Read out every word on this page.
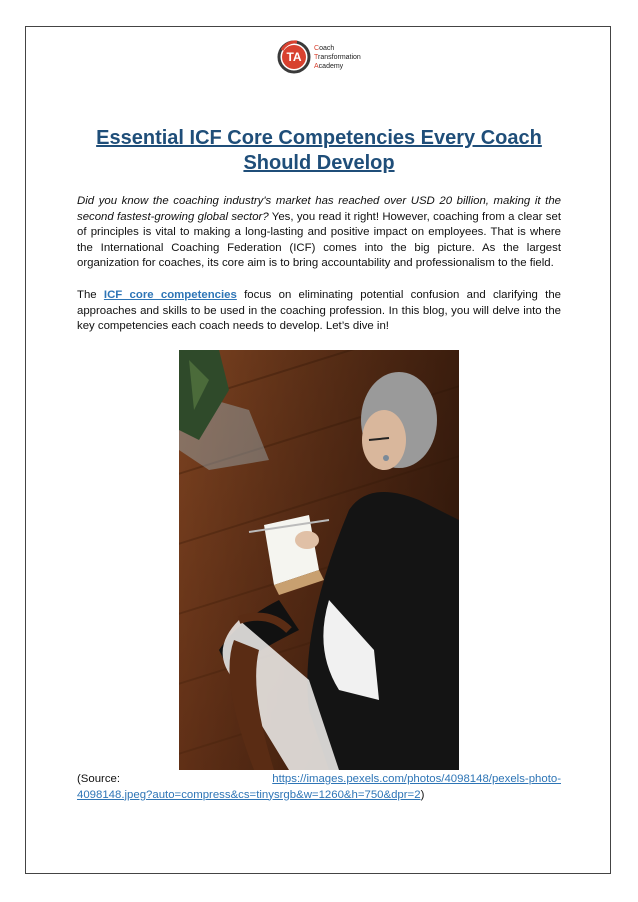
TA
Coach
Transformation
Academy
Essential ICF Core Competencies Every Coach Should Develop
Did you know the coaching industry's market has reached over USD 20 billion, making it the second fastest-growing global sector? Yes, you read it right! However, coaching from a clear set of principles is vital to making a long-lasting and positive impact on employees. That is where the International Coaching Federation (ICF) comes into the big picture. As the largest organization for coaches, its core aim is to bring accountability and professionalism to the field.
The ICF core competencies focus on eliminating potential confusion and clarifying the approaches and skills to be used in the coaching profession. In this blog, you will delve into the key competencies each coach needs to develop. Let’s dive in!
(Source:	https://images.pexels.com/photos/4098148/pexels-photo-
4098148.jpeg?auto=compress&cs=tinysrgb&w=1260&h=750&dpr=2)
